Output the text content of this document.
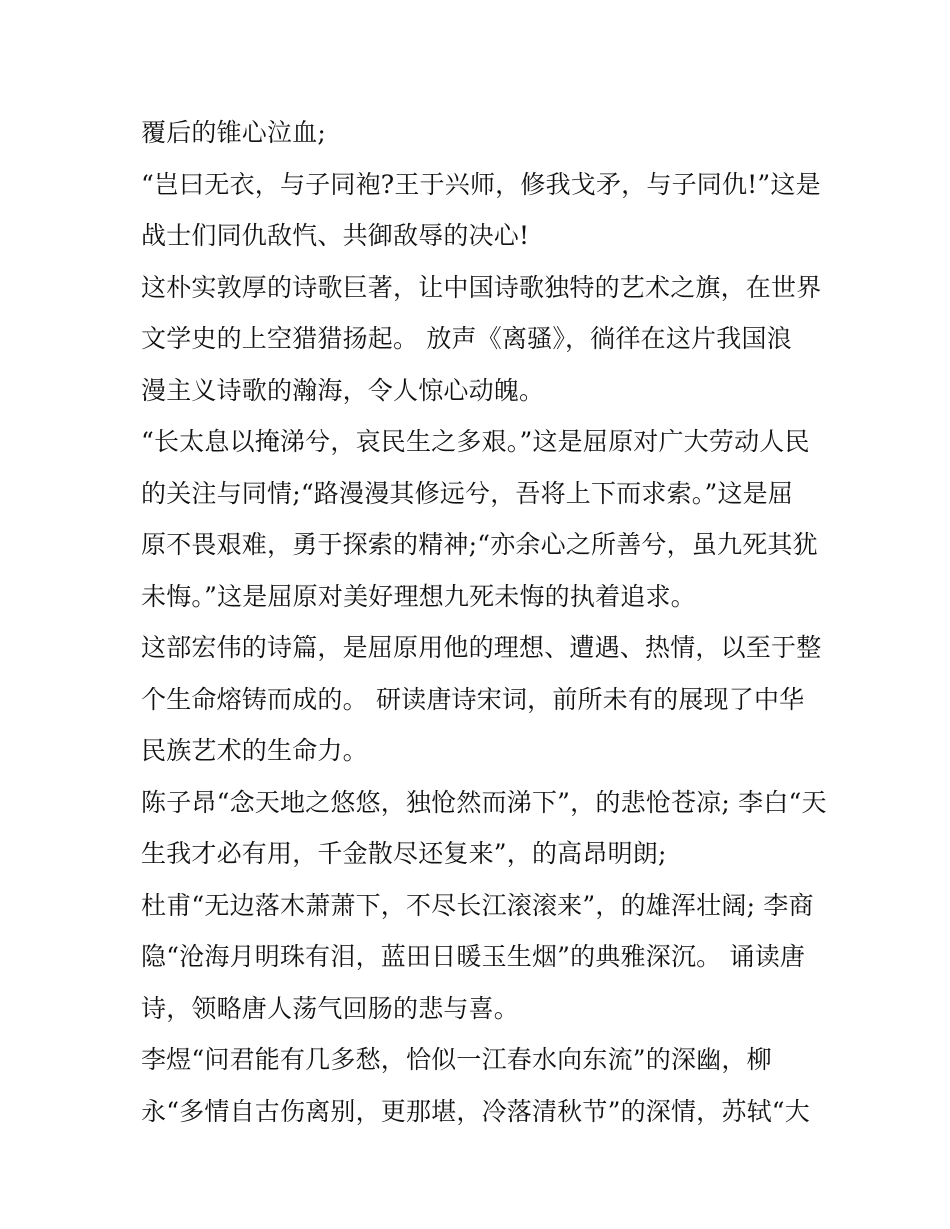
覆后的锥心泣血;
“岂曰无衣，与子同袍?王于兴师，修我戈矛，与子同仇!”这是
战士们同仇敌忾、共御敌辱的决心!
这朴实敦厚的诗歌巨著，让中国诗歌独特的艺术之旗，在世界
文学史的上空猎猎扬起。 放声《离骚》，徜徉在这片我国浪
漫主义诗歌的瀚海，令人惊心动魄。
“长太息以掩涕兮，哀民生之多艰。”这是屈原对广大劳动人民
的关注与同情;“路漫漫其修远兮，吾将上下而求索。”这是屈
原不畏艰难，勇于探索的精神;“亦余心之所善兮，虽九死其犹
未悔。”这是屈原对美好理想九死未悔的执着追求。
这部宏伟的诗篇，是屈原用他的理想、遭遇、热情，以至于整
个生命熔铸而成的。 研读唐诗宋词，前所未有的展现了中华
民族艺术的生命力。
陈子昂“念天地之悠悠，独怆然而涕下”，的悲怆苍凉; 李白“天
生我才必有用，千金散尽还复来”，的高昂明朗;
杜甫“无边落木萧萧下，不尽长江滚滚来”，的雄浑壮阔; 李商
隐“沧海月明珠有泪，蓝田日暖玉生烟”的典雅深沉。 诵读唐
诗，领略唐人荡气回肠的悲与喜。
李煜“问君能有几多愁，恰似一江春水向东流”的深幽，柳
永“多情自古伤离别，更那堪，冷落清秋节”的深情，苏轼“大
